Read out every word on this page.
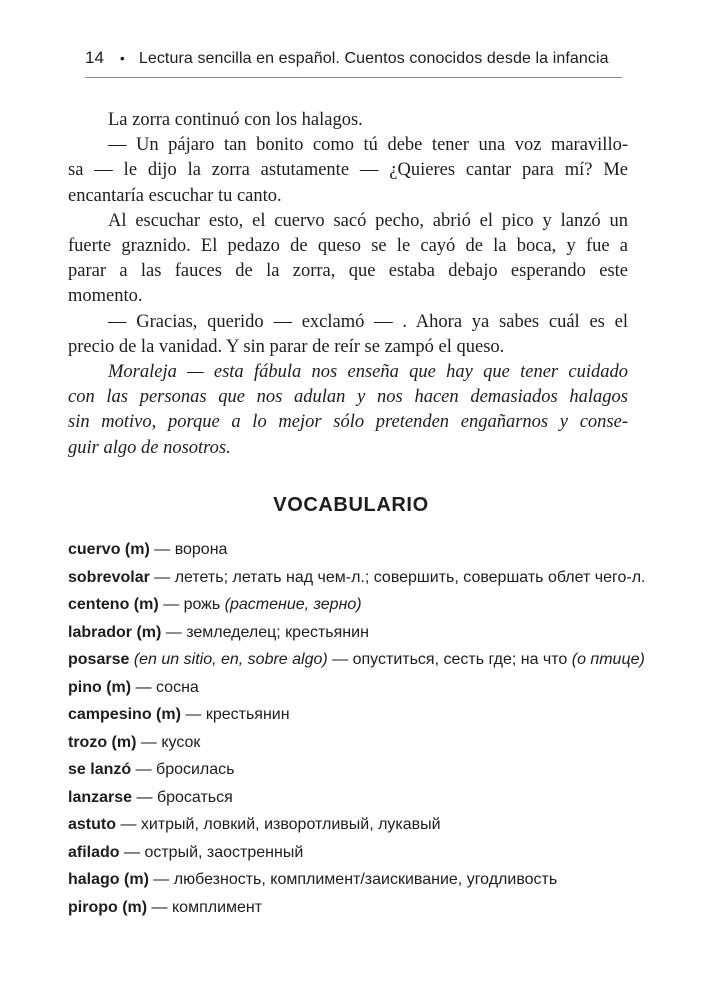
14 • Lectura sencilla en español. Cuentos conocidos desde la infancia
La zorra continuó con los halagos.
— Un pájaro tan bonito como tú debe tener una voz maravillo-
sa — le dijo la zorra astutamente — ¿Quieres cantar para mí? Me
encantaría escuchar tu canto.
Al escuchar esto, el cuervo sacó pecho, abrió el pico y lanzó un
fuerte graznido. El pedazo de queso se le cayó de la boca, y fue a
parar a las fauces de la zorra, que estaba debajo esperando este
momento.
— Gracias, querido — exclamó — . Ahora ya sabes cuál es el
precio de la vanidad. Y sin parar de reír se zampó el queso.
Moraleja — esta fábula nos enseña que hay que tener cuidado
con las personas que nos adulan y nos hacen demasiados halagos
sin motivo, porque a lo mejor sólo pretenden engañarnos y conse-
guir algo de nosotros.
VOCABULARIO
cuervo (m) — ворона
sobrevolar — лететь; летать над чем-л.; совершить, совершать облет чего-л.
centeno (m) — рожь (растение, зерно)
labrador (m) — земледелец; крестьянин
posarse (en un sitio, en, sobre algo) — опуститься, сесть где; на что (о птице)
pino (m) — сосна
campesino (m) — крестьянин
trozo (m) — кусок
se lanzó — бросилась
lanzarse — бросаться
astuto — хитрый, ловкий, изворотливый, лукавый
afilado — острый, заостренный
halago (m) — любезность, комплимент/заискивание, угодливость
piropo (m) — комплимент
